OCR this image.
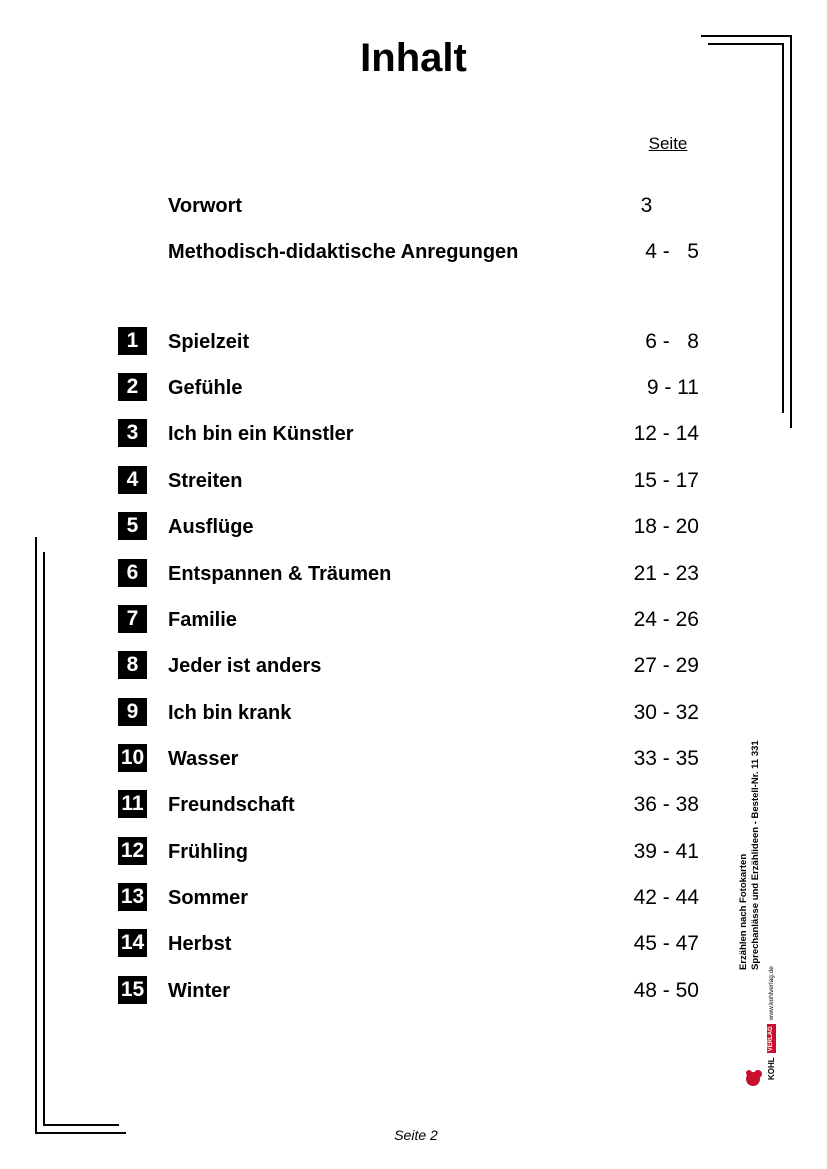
Inhalt
Seite
Vorwort	3
Methodisch-didaktische Anregungen	4 -   5
1	Spielzeit	6 -   8
2	Gefühle	9 - 11
3	Ich bin ein Künstler	12 - 14
4	Streiten	15 - 17
5	Ausflüge	18 - 20
6	Entspannen & Träumen	21 - 23
7	Familie	24 - 26
8	Jeder ist anders	27 - 29
9	Ich bin krank	30 - 32
10 Wasser	33 - 35
11 Freundschaft	36 - 38
12 Frühling	39 - 41
13 Sommer	42 - 44
14 Herbst	45 - 47
15 Winter	48 - 50
Erzählen nach Fotokarten Sprechanlässe und Erzählideen - Bestell-Nr. 11 331
KOHL
VERLAG
www.kohlverlag.de
Seite 2
